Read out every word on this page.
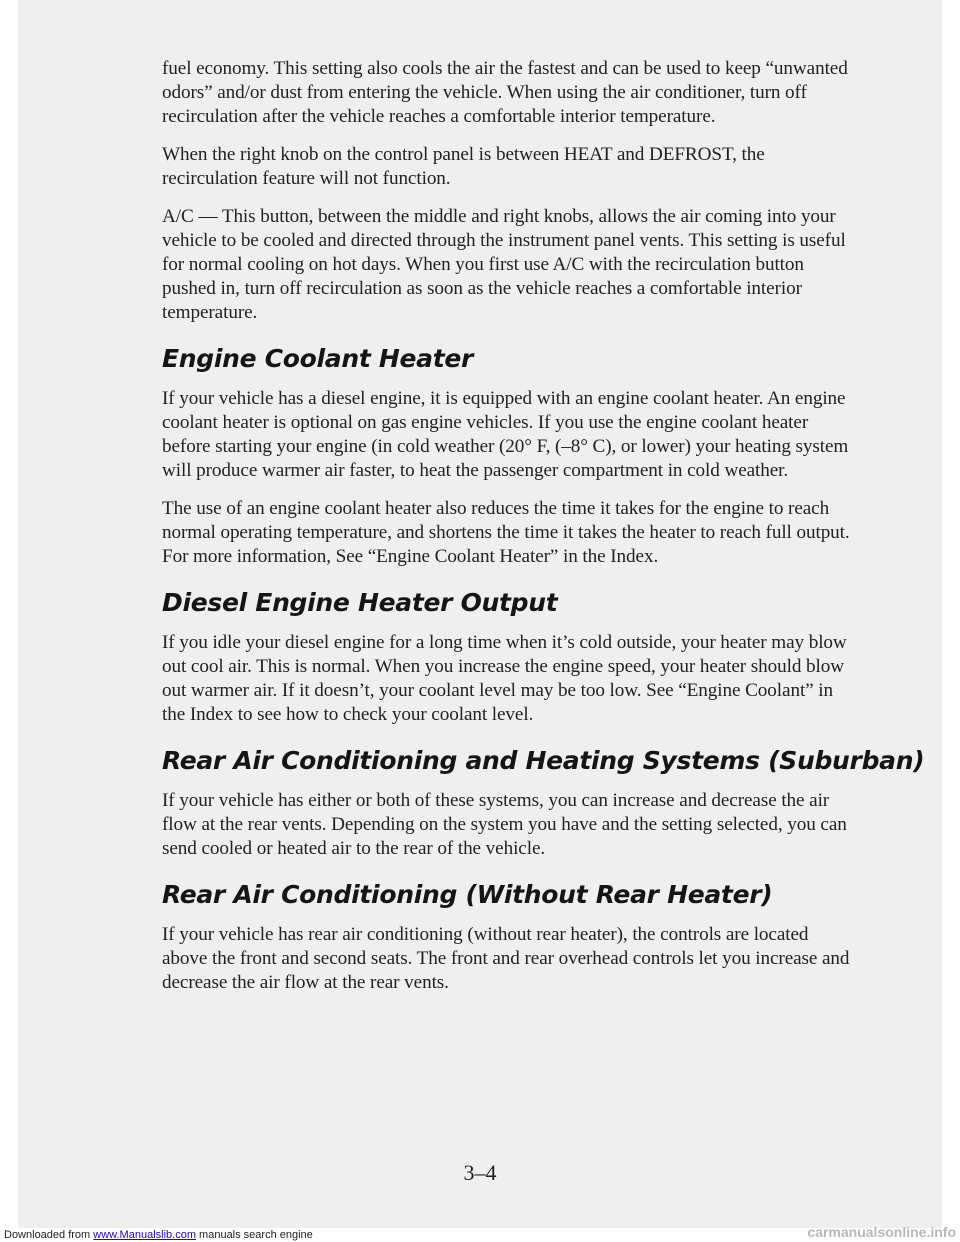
fuel economy. This setting also cools the air the fastest and can be used to keep “unwanted odors” and/or dust from entering the vehicle. When using the air conditioner, turn off recirculation after the vehicle reaches a comfortable interior temperature.

When the right knob on the control panel is between HEAT and DEFROST, the recirculation feature will not function.

A/C — This button, between the middle and right knobs, allows the air coming into your vehicle to be cooled and directed through the instrument panel vents. This setting is useful for normal cooling on hot days. When you first use A/C with the recirculation button pushed in, turn off recirculation as soon as the vehicle reaches a comfortable interior temperature.

Engine Coolant Heater

If your vehicle has a diesel engine, it is equipped with an engine coolant heater. An engine coolant heater is optional on gas engine vehicles. If you use the engine coolant heater before starting your engine (in cold weather (20° F, (–8° C), or lower) your heating system will produce warmer air faster, to heat the passenger compartment in cold weather.

The use of an engine coolant heater also reduces the time it takes for the engine to reach normal operating temperature, and shortens the time it takes the heater to reach full output. For more information, See “Engine Coolant Heater” in the Index.

Diesel Engine Heater Output

If you idle your diesel engine for a long time when it’s cold outside, your heater may blow out cool air. This is normal. When you increase the engine speed, your heater should blow out warmer air. If it doesn’t, your coolant level may be too low. See “Engine Coolant” in the Index to see how to check your coolant level.

Rear Air Conditioning and Heating Systems (Suburban)

If your vehicle has either or both of these systems, you can increase and decrease the air flow at the rear vents. Depending on the system you have and the setting selected, you can send cooled or heated air to the rear of the vehicle.

Rear Air Conditioning (Without Rear Heater)

If your vehicle has rear air conditioning (without rear heater), the controls are located above the front and second seats. The front and rear overhead controls let you increase and decrease the air flow at the rear vents.

3–4
Downloaded from www.Manualslib.com manuals search engine	carmanualsonline.info
